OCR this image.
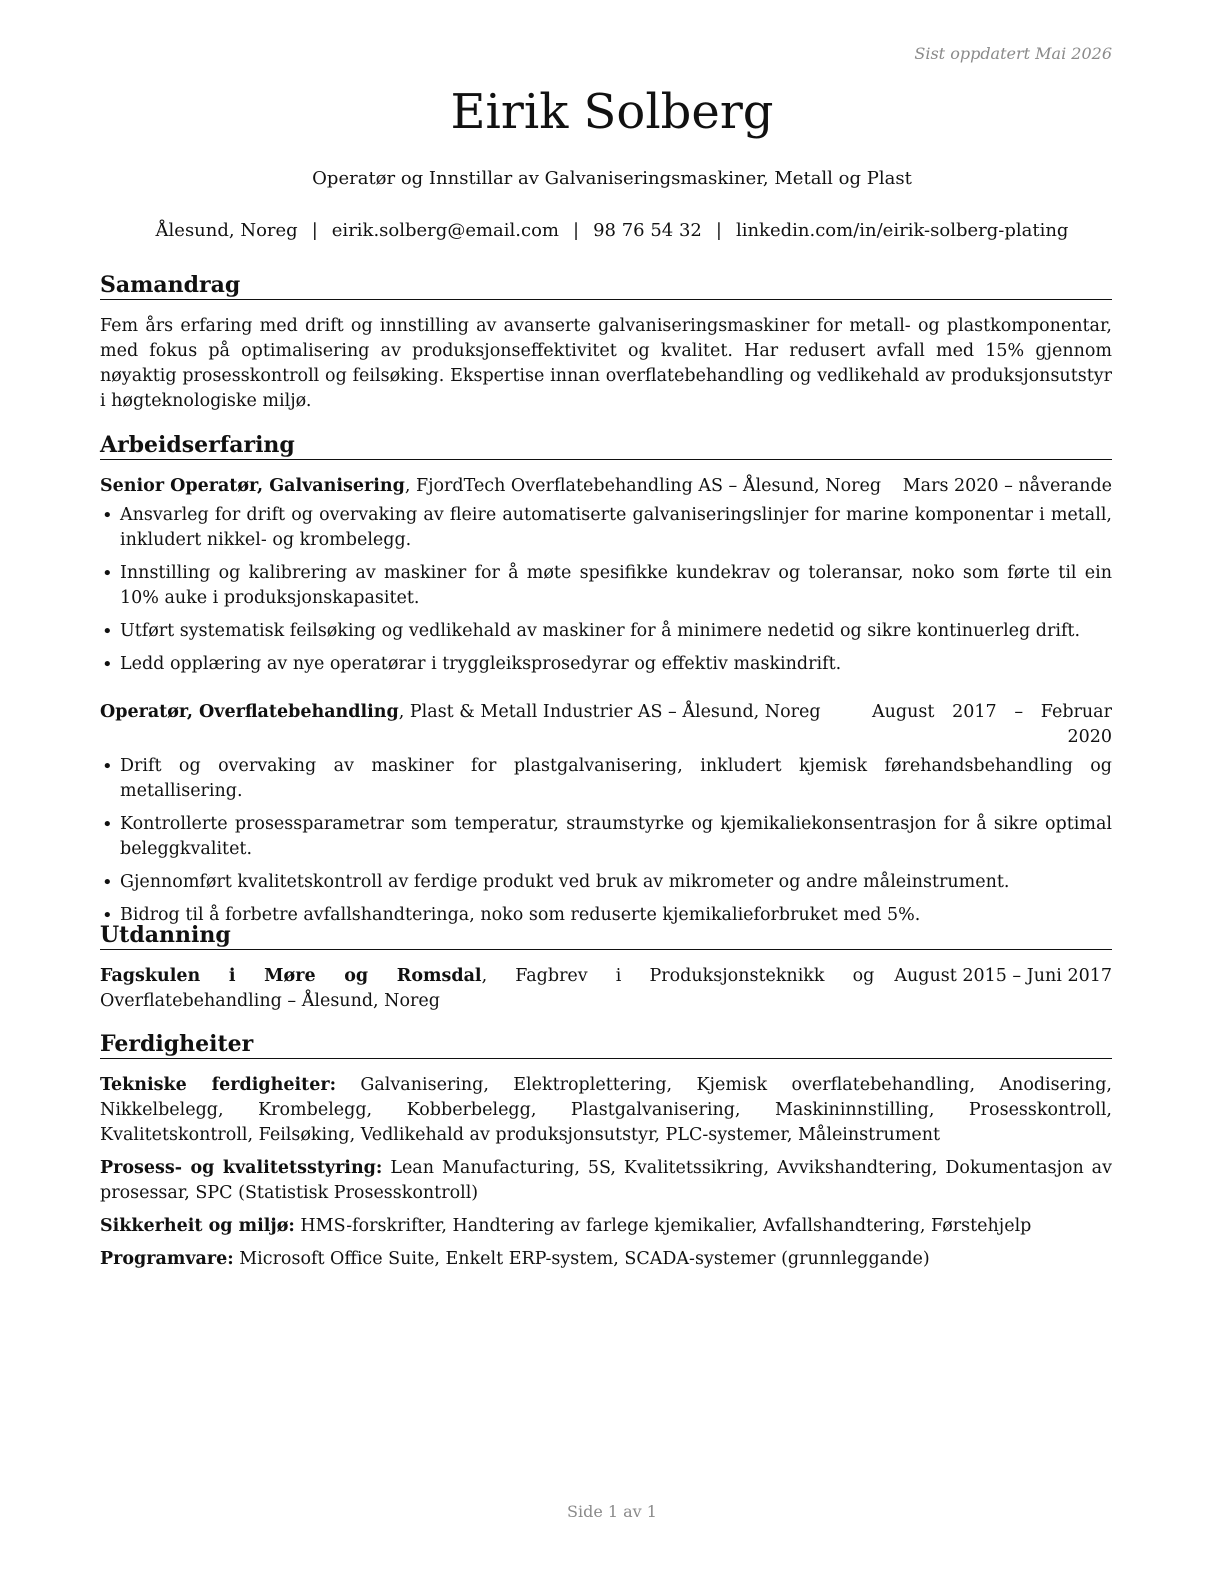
Sist oppdatert Mai 2026
Eirik Solberg
Operatør og Innstillar av Galvaniseringsmaskiner, Metall og Plast
Ålesund, Noreg | eirik.solberg@email.com | 98 76 54 32 | linkedin.com/in/eirik-solberg-plating
Samandrag
Fem års erfaring med drift og innstilling av avanserte galvaniseringsmaskiner for metall- og plastkomponentar, med fokus på optimalisering av produksjonseffektivitet og kvalitet. Har redusert avfall med 15% gjennom nøyaktig prosesskontroll og feilsøking. Ekspertise innan overflatebehandling og vedlikehald av produksjonsutstyr i høgteknologiske miljø.
Arbeidserfaring
Senior Operatør, Galvanisering, FjordTech Overflatebehandling AS – Ålesund, Noreg Mars 2020 – nåverande
• Ansvarleg for drift og overvaking av fleire automatiserte galvaniseringslinjer for marine komponentar i metall, inkludert nikkel- og krombelegg.
• Innstilling og kalibrering av maskiner for å møte spesifikke kundekrav og toleransar, noko som førte til ein 10% auke i produksjonskapasitet.
• Utført systematisk feilsøking og vedlikehald av maskiner for å minimere nedetid og sikre kontinuerleg drift.
• Ledd opplæring av nye operatørar i tryggleiksprosedyrar og effektiv maskindrift.
Operatør, Overflatebehandling, Plast & Metall Industrier AS – Ålesund, Noreg	August 2017 – Februar 2020
• Drift og overvaking av maskiner for plastgalvanisering, inkludert kjemisk førehandsbehandling og metallisering.
• Kontrollerte prosessparametrar som temperatur, straumstyrke og kjemikaliekonsentrasjon for å sikre optimal beleggkvalitet.
• Gjennomført kvalitetskontroll av ferdige produkt ved bruk av mikrometer og andre måleinstrument.
• Bidrog til å forbetre avfallshandteringa, noko som reduserte kjemikalieforbruket med 5%.
Utdanning
Fagskulen i Møre og Romsdal, Fagbrev i Produksjonsteknikk og Overflatebehandling – Ålesund, Noreg
August 2015 – Juni 2017
Ferdigheiter
Tekniske ferdigheiter: Galvanisering, Elektroplettering, Kjemisk overflatebehandling, Anodisering, Nikkelbelegg, Krombelegg, Kobberbelegg, Plastgalvanisering, Maskininnstilling, Prosesskontroll, Kvalitetskontroll, Feilsøking, Vedlikehald av produksjonsutstyr, PLC-systemer, Måleinstrument
Prosess- og kvalitetsstyring: Lean Manufacturing, 5S, Kvalitetssikring, Avvikshandtering, Dokumentasjon av prosessar, SPC (Statistisk Prosesskontroll)
Sikkerheit og miljø: HMS-forskrifter, Handtering av farlege kjemikalier, Avfallshandtering, Førstehjelp
Programvare: Microsoft Office Suite, Enkelt ERP-system, SCADA-systemer (grunnleggande)
Side 1 av 1
